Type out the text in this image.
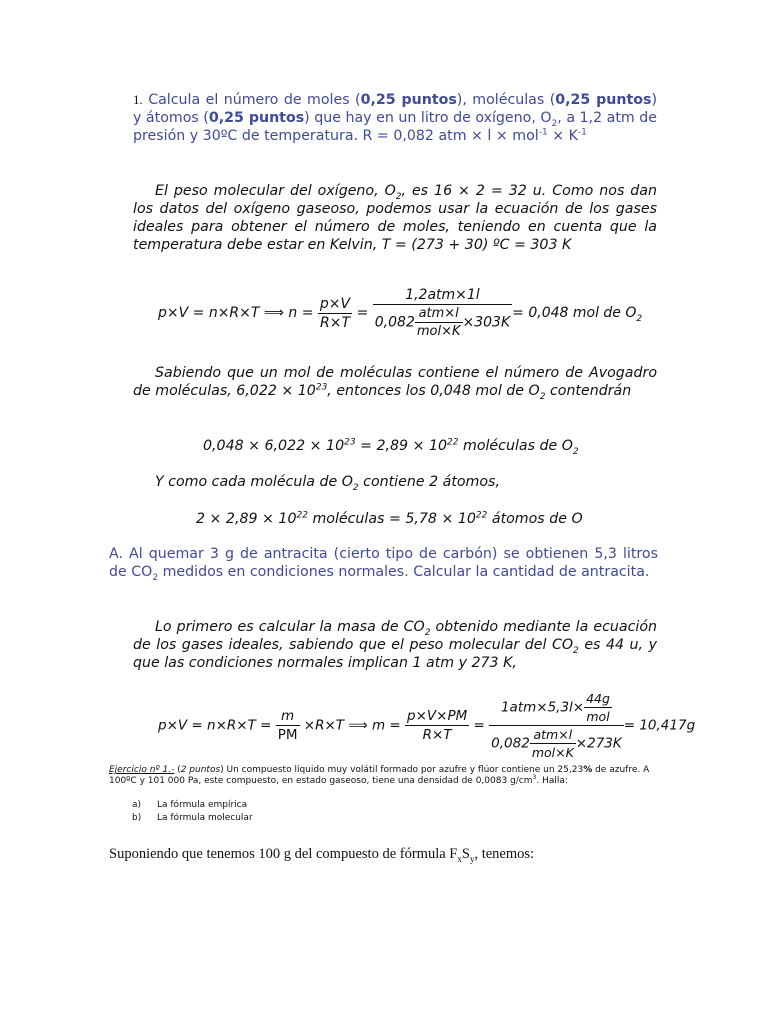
1. Calcula el número de moles (0,25 puntos), moléculas (0,25 puntos) y átomos (0,25 puntos) que hay en un litro de oxígeno, $O_2$, a 1,2 atm de presión y 30ºC de temperatura. R = 0,082 atm × $l \times mol^{-1} \times K^{-1}$
El peso molecular del oxígeno, $O_2$, es 16 × 2 = 32 u. Como nos dan los datos del oxígeno gaseoso, podemos usar la ecuación de los gases ideales para obtener el número de moles, teniendo en cuenta que la temperatura debe estar en Kelvin, T = (273 + 30) ºC = 303 K
p×V = n×R×T ⟹ $n = \frac{p\times V}{R\times T} = \frac{\text{1,2atm×1l}}{0,082 \frac{\text{atm×l}}{\text{mol×K}} \times 303K} = 0,048$ mol de $O_2$
Sabiendo que un mol de moléculas contiene el número de Avogadro de moléculas, $6,022 \times 10^{23}$, entonces los 0,048 mol de $O_2$ contendrán
$0,048 \times 6,022 \times 10^{23} = 2,89 \times 10^{22}$ moléculas de $O_2$
Y como cada molécula de $O_2$ contiene 2 átomos,
$2 \times 2,89 \times 10^{22}$ moléculas = $5,78 \times 10^{22}$ átomos de O
A. Al quemar 3 g de antracita (cierto tipo de carbón) se obtienen 5,3 litros de $CO_2$ medidos en condiciones normales. Calcular la cantidad de antracita.
Lo primero es calcular la masa de $CO_2$ obtenido mediante la ecuación de los gases ideales, sabiendo que el peso molecular del $CO_2$ es 44 u, y que las condiciones normales implican 1 atm y 273 K,
$p\times V = n\times R\times T = \frac{m}{PM} \times R\times T$ ⟹ $m = \frac{p\times V\times PM}{R\times T} = \frac{1atm\times 5,3l\times \frac{44g}{\text{mol}}}{0,082 \frac{\text{atm×l}}{\text{mol×K}} \times 273K} = 10,417g$
Ejercicio nº 1.- (2 puntos) Un compuesto líquido muy volátil formado por azufre y flúor contiene un 25,23% de azufre. A 100ºC y 101 000 Pa, este compuesto, en estado gaseoso, tiene una densidad de 0,0083 $g/cm^3$. Halla:
a) La fórmula empírica
b) La fórmula molecular
Suponiendo que tenemos 100 g del compuesto de fórmula $F_xS_y$, tenemos:
